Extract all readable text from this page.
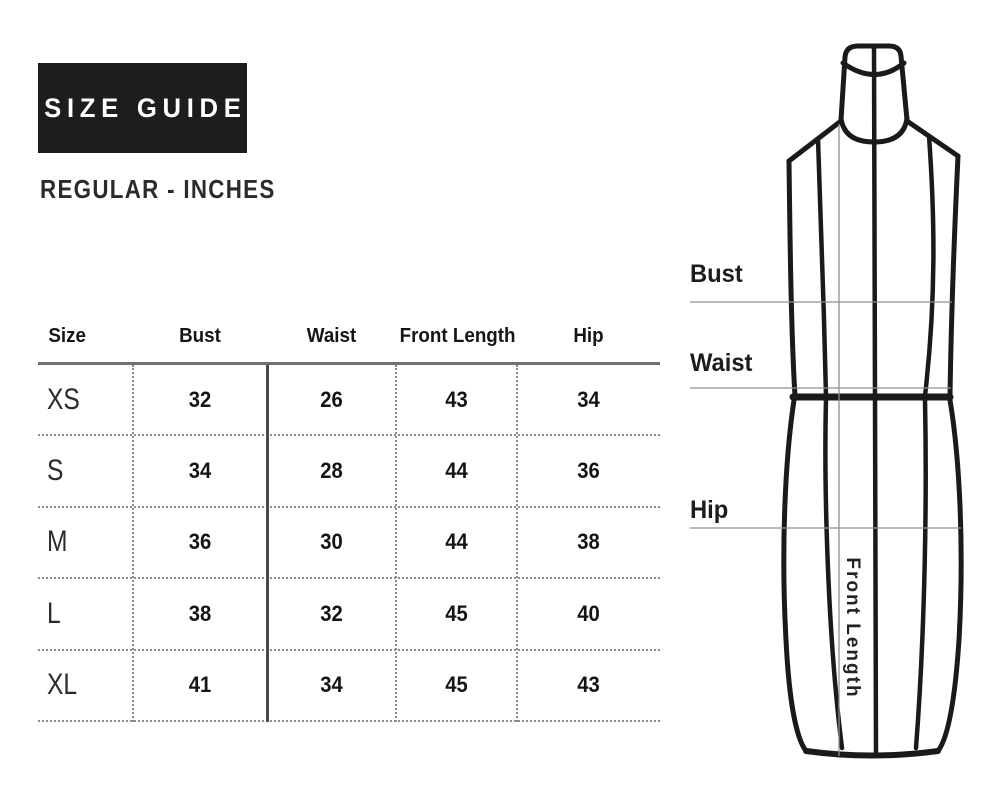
SIZE GUIDE
REGULAR - INCHES
Size	Bust	Waist	Front Length	Hip
XS	32	26	43	34
S	34	28	44	36
M	36	30	44	38
L	38	32	45	40
XL	41	34	45	43
Bust
Waist
Hip
Front Length
